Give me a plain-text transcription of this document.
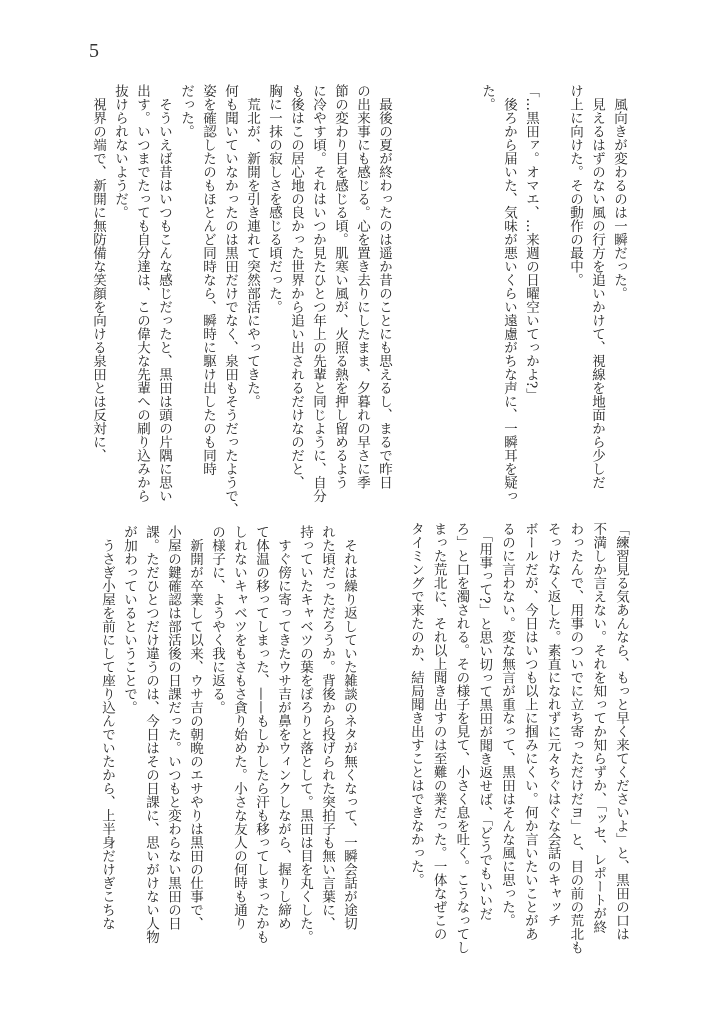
5
　風向きが変わるのは一瞬だった。
　見えるはずのない風の行方を追いかけて、視線を地面から少しだ
け上に向けた。その動作の最中。
「…黒田ァ。オマエ、…来週の日曜空いてっかよ?」
　後ろから届いた、気味が悪いくらい遠慮がちな声に、一瞬耳を疑っ
た。
　最後の夏が終わったのは遥か昔のことにも思えるし、まるで昨日
の出来事にも感じる。心を置き去りにしたまま、夕暮れの早さに季
節の変わり目を感じる頃。肌寒い風が、火照る熱を押し留めるよう
に冷やす頃。それはいつか見たひとつ年上の先輩と同じように、自分
も後はこの居心地の良かった世界から追い出されるだけなのだと、
胸に一抹の寂しさを感じる頃だった。
　荒北が、新開を引き連れて突然部活にやってきた。
何も聞いていなかったのは黒田だけでなく、泉田もそうだったようで、
姿を確認したのもほとんど同時なら、瞬時に駆け出したのも同時
だった。
　そういえば昔はいつもこんな感じだったと、黒田は頭の片隅に思い
出す。いつまでたっても自分達は、この偉大な先輩への刷り込みから
抜けられないようだ。
　視界の端で、新開に無防備な笑顔を向ける泉田とは反対に、
「練習見る気あんなら、もっと早く来てくださいよ」と、黒田の口は
不満しか言えない。それを知ってか知らずか、「ッセ、レポートが終
わったんで、用事のついでに立ち寄っただけだヨ」と、目の前の荒北も
そっけなく返した。素直になれずに元々ちぐはぐな会話のキャッチ
ボールだが、今日はいつも以上に掴みにくい。何か言いたいことがあ
るのに言わない。変な無言が重なって、黒田はそんな風に思った。
　「用事って?」と思い切って黒田が聞き返せば、「どうでもいいだ
ろ」と口を濁される。その様子を見て、小さく息を吐く。こうなってし
まった荒北に、それ以上聞き出すのは至難の業だった。一体なぜこの
タイミングで来たのか、結局聞き出すことはできなかった。
　それは繰り返していた雑談のネタが無くなって、一瞬会話が途切
れた頃だっただろうか。背後から投げられた突拍子も無い言葉に、
持っていたキャベツの葉をぽろりと落として。黒田は目を丸くした。
　すぐ傍に寄ってきたウサ吉が鼻をウィンクしながら、握りし締め
て体温の移ってしまった、——もしかしたら汗も移ってしまったかも
しれないキャベツをもさもさ貪り始めた。小さな友人の何時も通り
の様子に、ようやく我に返る。
　新開が卒業して以来、ウサ吉の朝晩のエサやりは黒田の仕事で、
小屋の鍵確認は部活後の日課だった。いつもと変わらない黒田の日
課。ただひとつだけ違うのは、今日はその日課に、思いがけない人物
が加わっているということで。
　うさぎ小屋を前にして座り込んでいたから、上半身だけぎこちな
